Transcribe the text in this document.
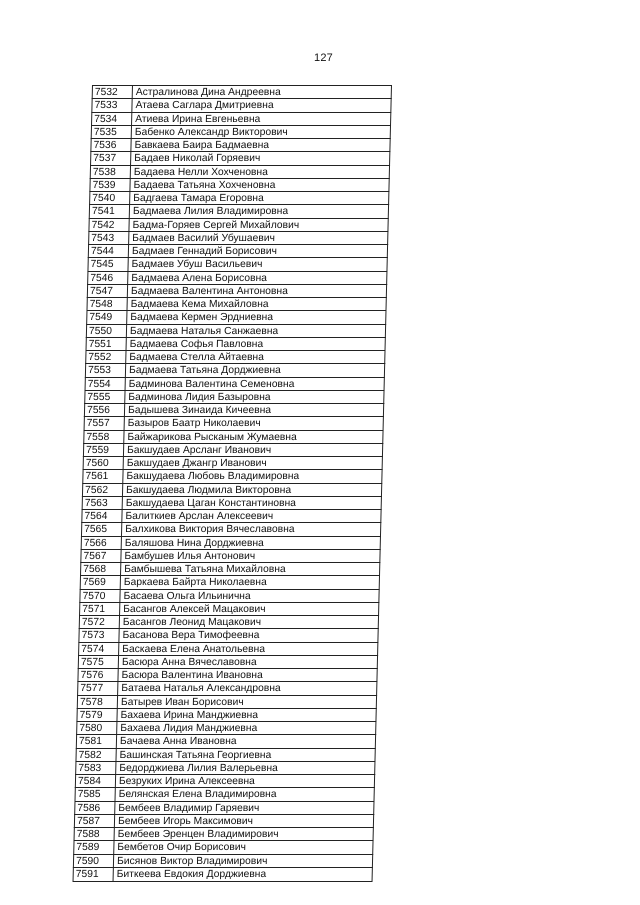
127
7532	Астралинова Дина Андреевна
7533	Атаева Саглара Дмитриевна
7534	Атиева Ирина Евгеньевна
7535	Бабенко Александр Викторович
7536	Бавкаева Баира Бадмаевна
7537	Бадаев Николай Горяевич
7538	Бадаева Нелли Хохченовна
7539	Бадаева Татьяна Хохченовна
7540	Бадгаева Тамара Егоровна
7541	Бадмаева Лилия Владимировна
7542	Бадма-Горяев Сергей Михайлович
7543	Бадмаев Василий Убушаевич
7544	Бадмаев Геннадий Борисович
7545	Бадмаев Убуш Васильевич
7546	Бадмаева Алена Борисовна
7547	Бадмаева Валентина Антоновна
7548	Бадмаева Кема Михайловна
7549	Бадмаева Кермен Эрдниевна
7550	Бадмаева Наталья Санжаевна
7551	Бадмаева Софья Павловна
7552	Бадмаева Стелла Айтаевна
7553	Бадмаева Татьяна Дорджиевна
7554	Бадминова Валентина Семеновна
7555	Бадминова Лидия Базыровна
7556	Бадышева Зинаида Кичеевна
7557	Базыров Баатр Николаевич
7558	Байжарикова Рысканым Жумаевна
7559	Бакшудаев Арсланг Иванович
7560	Бакшудаев Джангр Иванович
7561	Бакшудаева Любовь Владимировна
7562	Бакшудаева Людмила Викторовна
7563	Бакшудаева Цаган Константиновна
7564	Балиткиев Арслан Алексеевич
7565	Балхикова Виктория Вячеславовна
7566	Баляшова Нина Дорджиевна
7567	Бамбушев Илья Антонович
7568	Бамбышева Татьяна Михайловна
7569	Баркаева Байрта Николаевна
7570	Басаева Ольга Ильинична
7571	Басангов Алексей Мацакович
7572	Басангов Леонид Мацакович
7573	Басанова Вера Тимофеевна
7574	Баскаева Елена Анатольевна
7575	Басюра Анна Вячеславовна
7576	Басюра Валентина Ивановна
7577	Батаева Наталья Александровна
7578	Батырев Иван Борисович
7579	Бахаева Ирина Манджиевна
7580	Бахаева Лидия Манджиевна
7581	Бачаева Анна Ивановна
7582	Башинская Татьяна Георгиевна
7583	Бедорджиева Лилия Валерьевна
7584	Безруких Ирина Алексеевна
7585	Белянская Елена Владимировна
7586	Бембеев Владимир Гаряевич
7587	Бембеев Игорь Максимович
7588	Бембеев Эренцен Владимирович
7589	Бембетов Очир Борисович
7590	Бисянов Виктор Владимирович
7591	Биткеева Евдокия Дорджиевна
